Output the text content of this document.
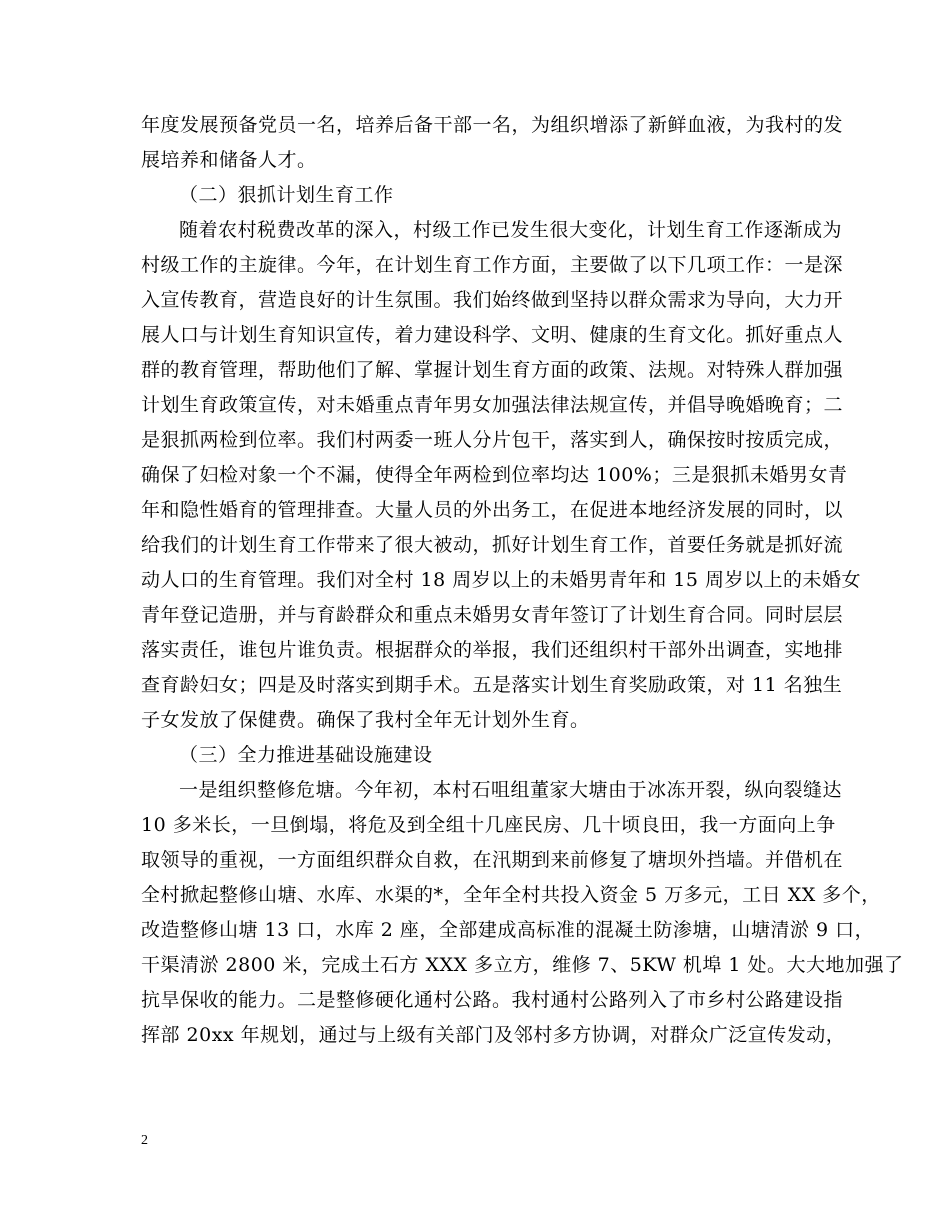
年度发展预备党员一名，培养后备干部一名，为组织增添了新鲜血液，为我村的发
展培养和储备人才。
（二）狠抓计划生育工作
随着农村税费改革的深入，村级工作已发生很大变化，计划生育工作逐渐成为
村级工作的主旋律。今年，在计划生育工作方面，主要做了以下几项工作：一是深
入宣传教育，营造良好的计生氛围。我们始终做到坚持以群众需求为导向，大力开
展人口与计划生育知识宣传，着力建设科学、文明、健康的生育文化。抓好重点人
群的教育管理，帮助他们了解、掌握计划生育方面的政策、法规。对特殊人群加强
计划生育政策宣传，对未婚重点青年男女加强法律法规宣传，并倡导晚婚晚育；二
是狠抓两检到位率。我们村两委一班人分片包干，落实到人，确保按时按质完成，
确保了妇检对象一个不漏，使得全年两检到位率均达 100%；三是狠抓未婚男女青
年和隐性婚育的管理排查。大量人员的外出务工，在促进本地经济发展的同时，以
给我们的计划生育工作带来了很大被动，抓好计划生育工作，首要任务就是抓好流
动人口的生育管理。我们对全村 18 周岁以上的未婚男青年和 15 周岁以上的未婚女
青年登记造册，并与育龄群众和重点未婚男女青年签订了计划生育合同。同时层层
落实责任，谁包片谁负责。根据群众的举报，我们还组织村干部外出调查，实地排
查育龄妇女；四是及时落实到期手术。五是落实计划生育奖励政策，对 11 名独生
子女发放了保健费。确保了我村全年无计划外生育。
（三）全力推进基础设施建设
一是组织整修危塘。今年初，本村石咀组董家大塘由于冰冻开裂，纵向裂缝达
10 多米长，一旦倒塌，将危及到全组十几座民房、几十顷良田，我一方面向上争
取领导的重视，一方面组织群众自救，在汛期到来前修复了塘坝外挡墙。并借机在
全村掀起整修山塘、水库、水渠的*，全年全村共投入资金 5 万多元，工日 XX 多个，
改造整修山塘 13 口，水库 2 座，全部建成高标准的混凝土防渗塘，山塘清淤 9 口，
干渠清淤 2800 米，完成土石方 XXX 多立方，维修 7、5KW 机埠 1 处。大大地加强了
抗旱保收的能力。二是整修硬化通村公路。我村通村公路列入了市乡村公路建设指
挥部 20xx 年规划，通过与上级有关部门及邻村多方协调，对群众广泛宣传发动，
2
